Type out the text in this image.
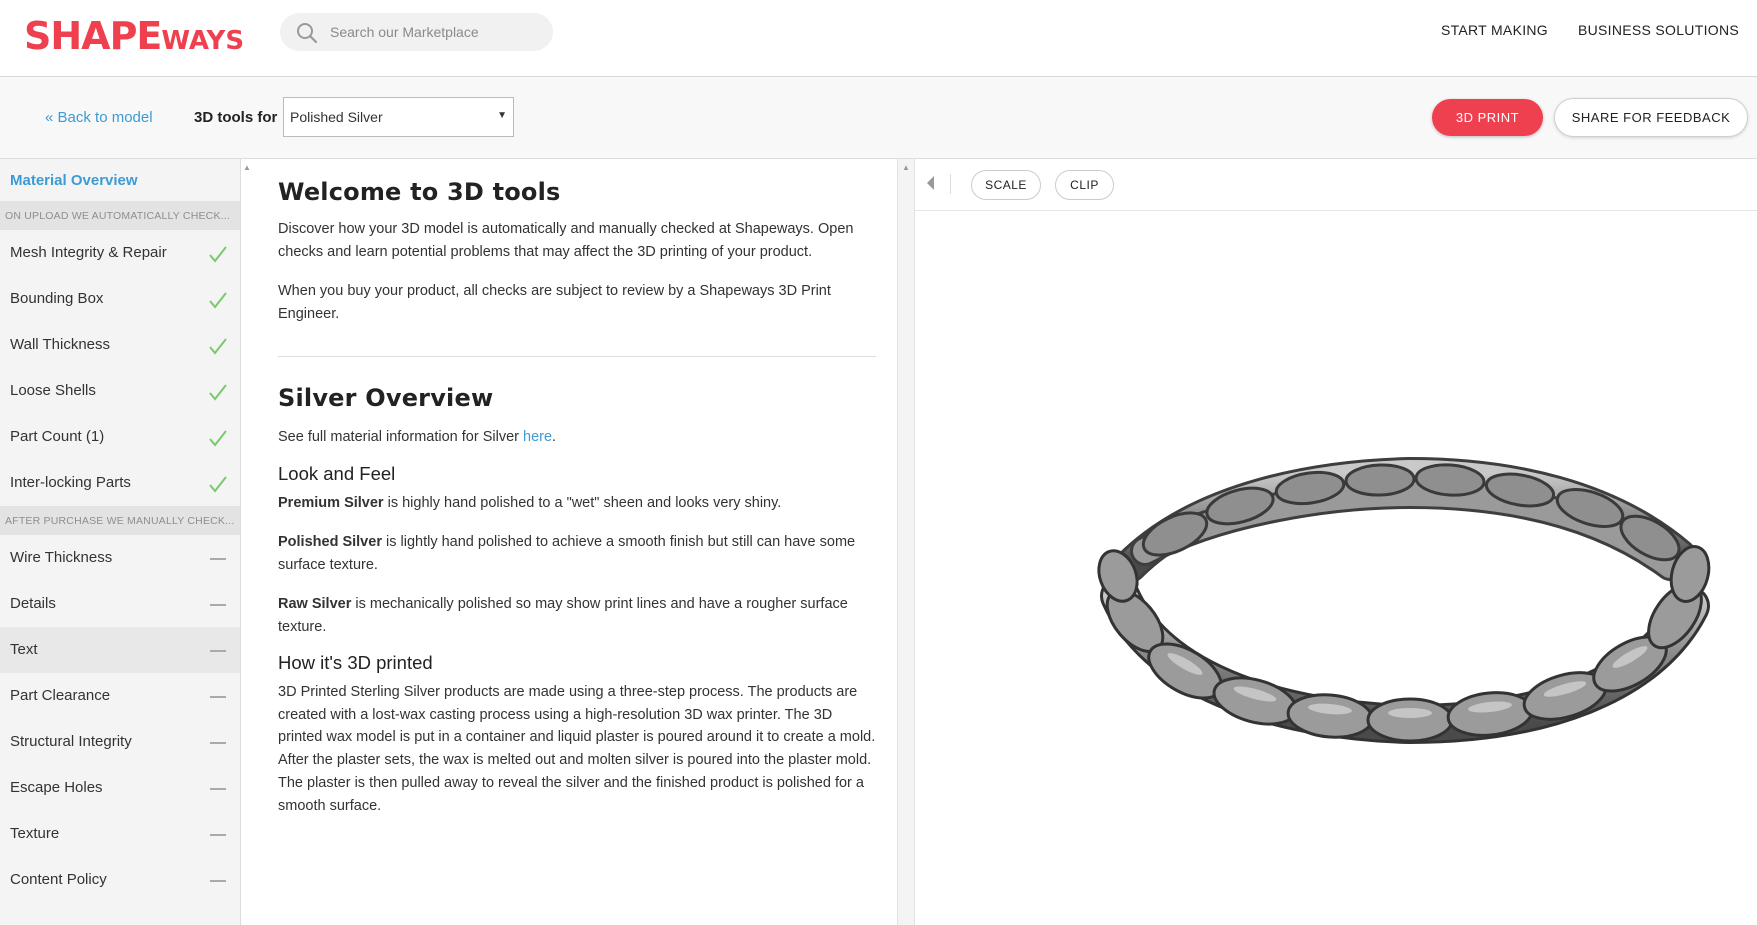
SHAPEWAYS
Search our Marketplace	START MAKING BUSINESS SOLUTIONS
« Back to model	3D tools for Polished Silver	▼	3D PRINT	SHARE FOR FEEDBACK
Material Overview
ON UPLOAD WE AUTOMATICALLY CHECK...
Mesh Integrity & Repair
Bounding Box
Wall Thickness
Loose Shells
Part Count (1)
Inter-locking Parts
AFTER PURCHASE WE MANUALLY CHECK...
Wire Thickness
Details
Text
Part Clearance
Structural Integrity
Escape Holes
Texture
Content Policy
▲
Welcome to 3D tools

Discover how your 3D model is automatically and manually checked at Shapeways. Open checks and learn potential problems that may affect the 3D printing of your product.

When you buy your product, all checks are subject to review by a Shapeways 3D Print Engineer.

Silver Overview

See full material information for Silver here.

Look and Feel

Premium Silver is highly hand polished to a "wet" sheen and looks very shiny.

Polished Silver is lightly hand polished to achieve a smooth finish but still can have some surface texture.

Raw Silver is mechanically polished so may show print lines and have a rougher surface texture.

How it's 3D printed

3D Printed Sterling Silver products are made using a three-step process. The products are created with a lost-wax casting process using a high-resolution 3D wax printer. The 3D printed wax model is put in a container and liquid plaster is poured around it to create a mold. After the plaster sets, the wax is melted out and molten silver is poured into the plaster mold. The plaster is then pulled away to reveal the silver and the finished product is polished for a smooth surface.

▲
SCALE	CLIP
